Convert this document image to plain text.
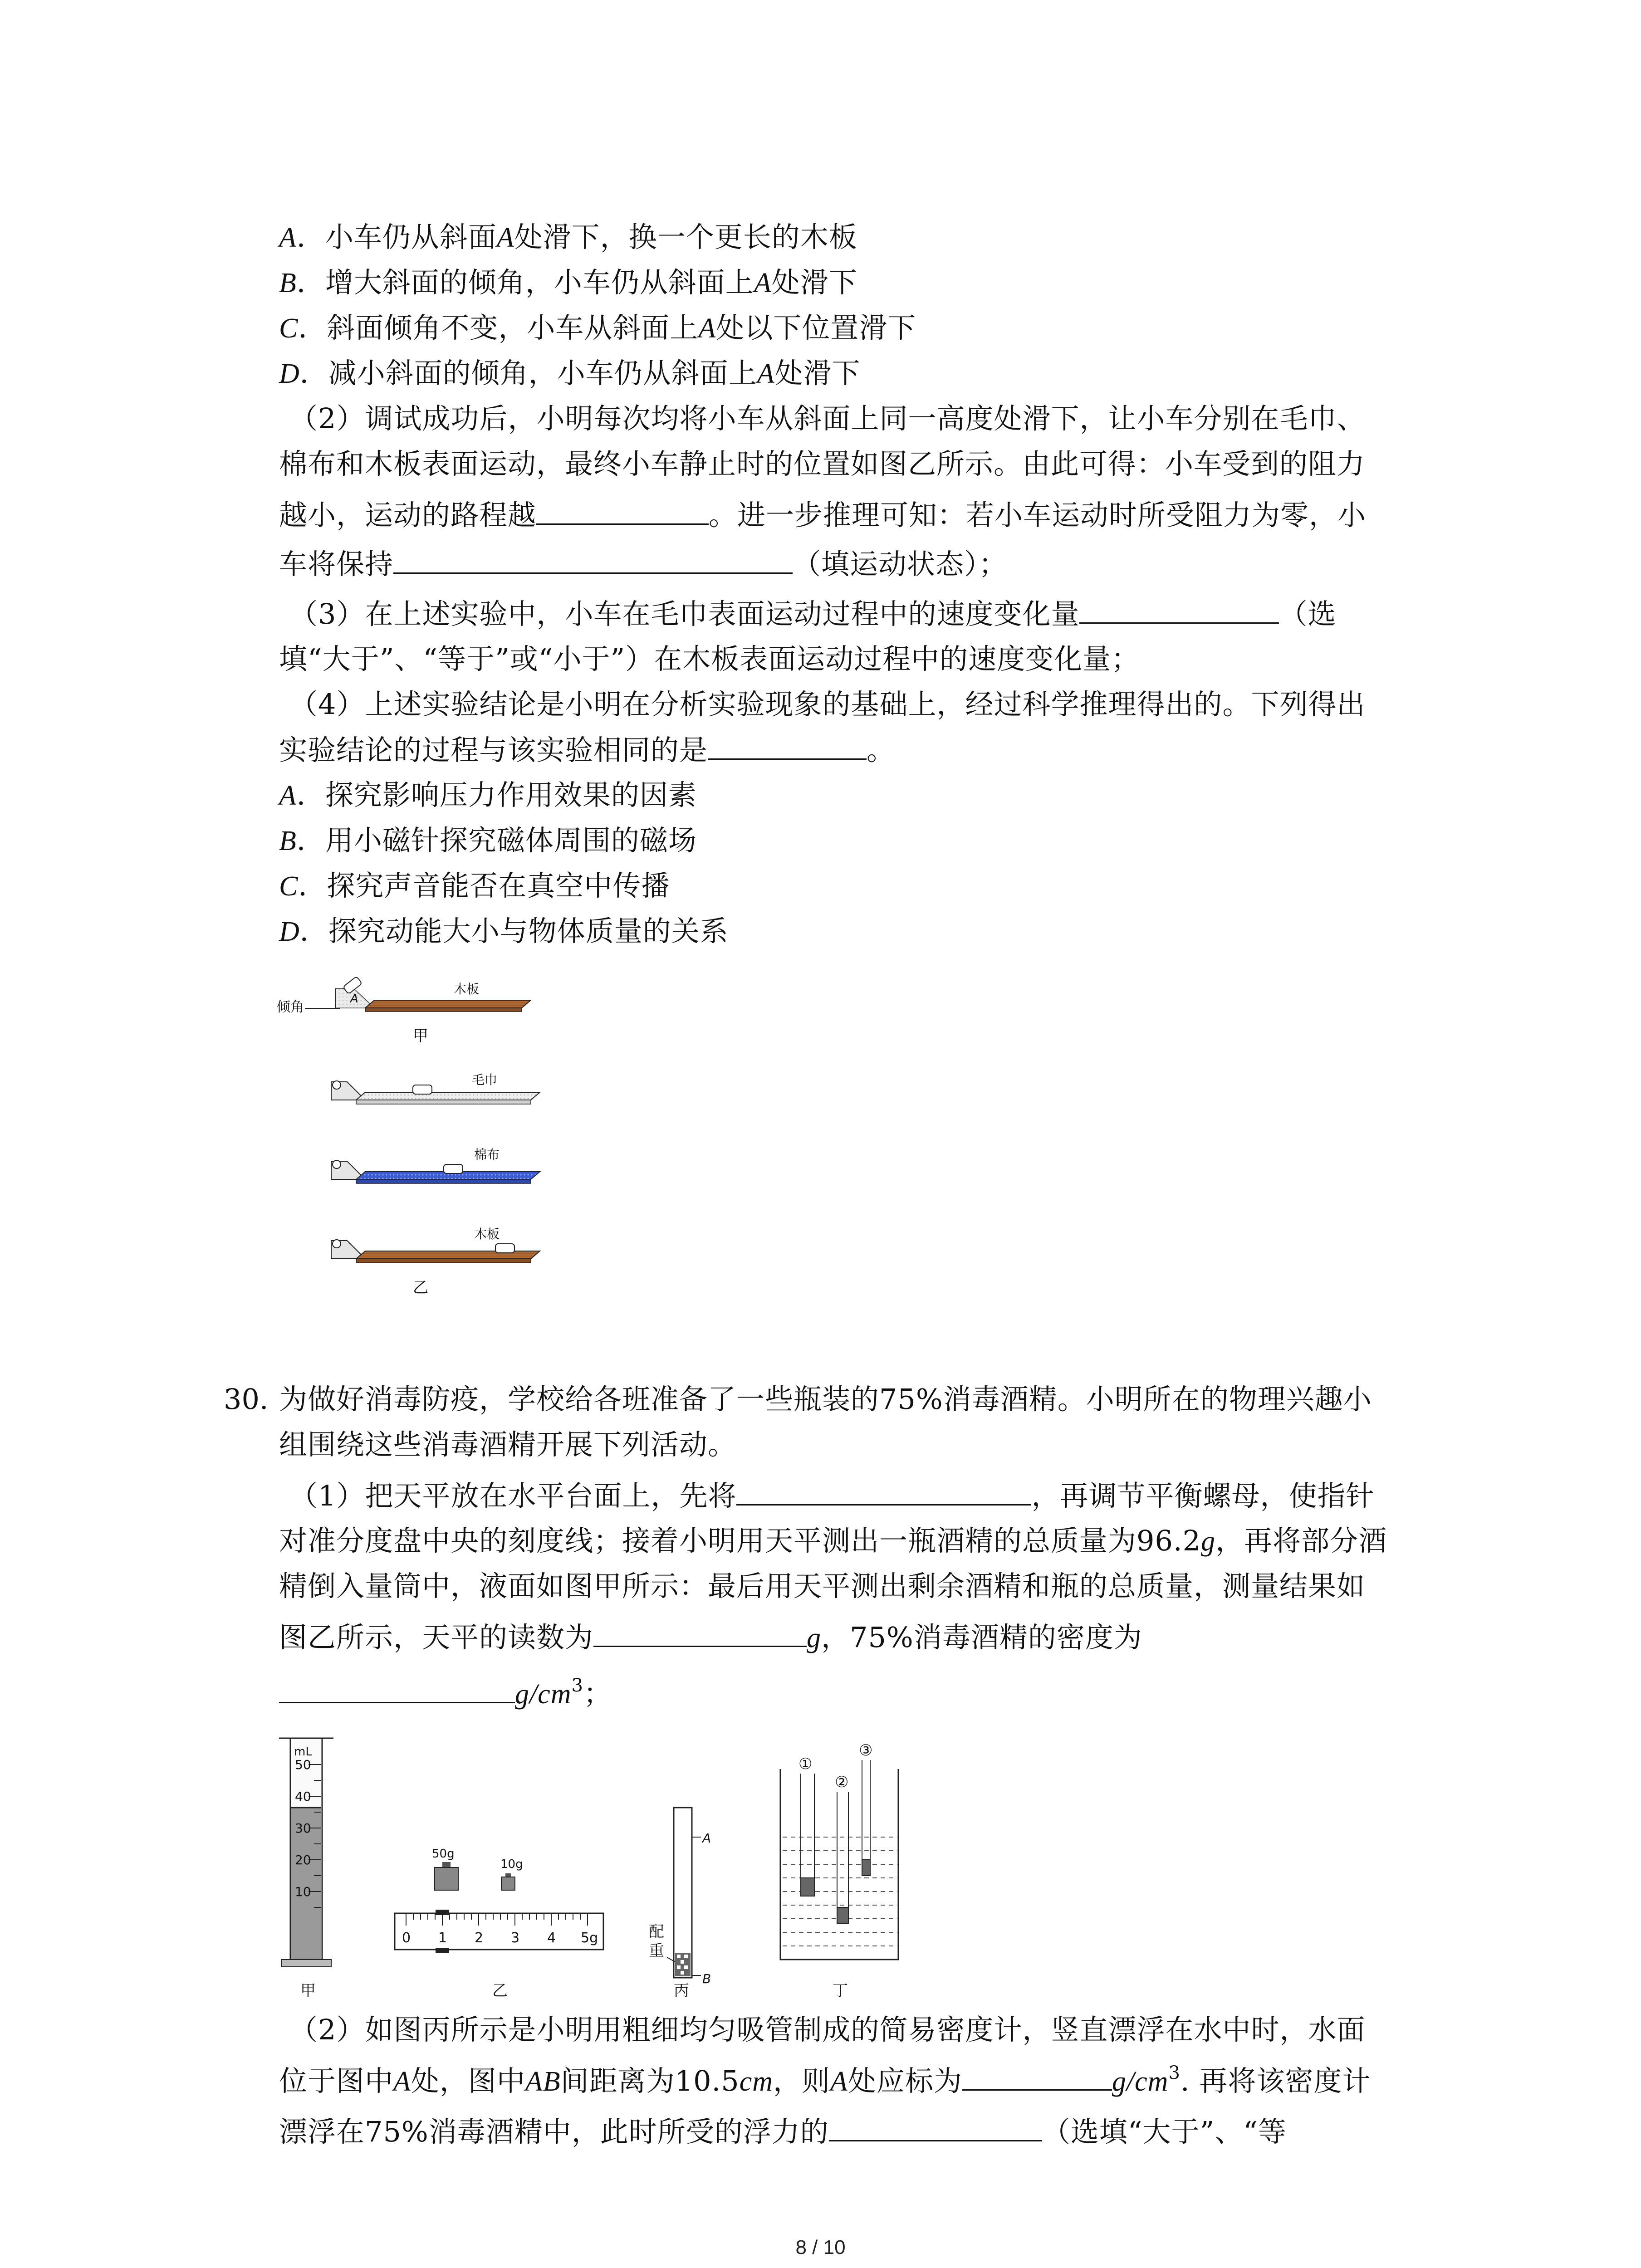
A．小车仍从斜面A处滑下，换一个更长的木板
B．增大斜面的倾角，小车仍从斜面上A处滑下
C．斜面倾角不变，小车从斜面上A处以下位置滑下
D．减小斜面的倾角，小车仍从斜面上A处滑下
（2）调试成功后，小明每次均将小车从斜面上同一高度处滑下，让小车分别在毛巾、
棉布和木板表面运动，最终小车静止时的位置如图乙所示。由此可得：小车受到的阻力
越小，运动的路程越	。进一步推理可知：若小车运动时所受阻力为零，小
车将保持	（填运动状态）；
（3）在上述实验中，小车在毛巾表面运动过程中的速度变化量	（选
填“大于”、“等于”或“小于”）在木板表面运动过程中的速度变化量；
（4）上述实验结论是小明在分析实验现象的基础上，经过科学推理得出的。下列得出
实验结论的过程与该实验相同的是	。
A．探究影响压力作用效果的因素
B．用小磁针探究磁体周围的磁场
C．探究声音能否在真空中传播
D．探究动能大小与物体质量的关系
倾角
A
木板
甲
毛巾
棉布
木板
乙
30. 为做好消毒防疫，学校给各班准备了一些瓶装的75%消毒酒精。小明所在的物理兴趣小
组围绕这些消毒酒精开展下列活动。
（1）把天平放在水平台面上，先将	，再调节平衡螺母，使指针
对准分度盘中央的刻度线；接着小明用天平测出一瓶酒精的总质量为96.2g，再将部分酒
精倒入量筒中，液面如图甲所示：最后用天平测出剩余酒精和瓶的总质量，测量结果如
图乙所示，天平的读数为	g，75%消毒酒精的密度为
$g/cm^3$；
mL
50
40
30
20
10
甲
50g
10g
0 1 2 3 4 5g
乙
A
B
配
重
丙
①
②
③
丁
（2）如图丙所示是小明用粗细均匀吸管制成的简易密度计，竖直漂浮在水中时，水面
位于图中A处，图中AB间距离为10.5cm，则A处应标为	$g/cm^3$. 再将该密度计
漂浮在75%消毒酒精中，此时所受的浮力的	（选填“大于”、“等
8 / 10
